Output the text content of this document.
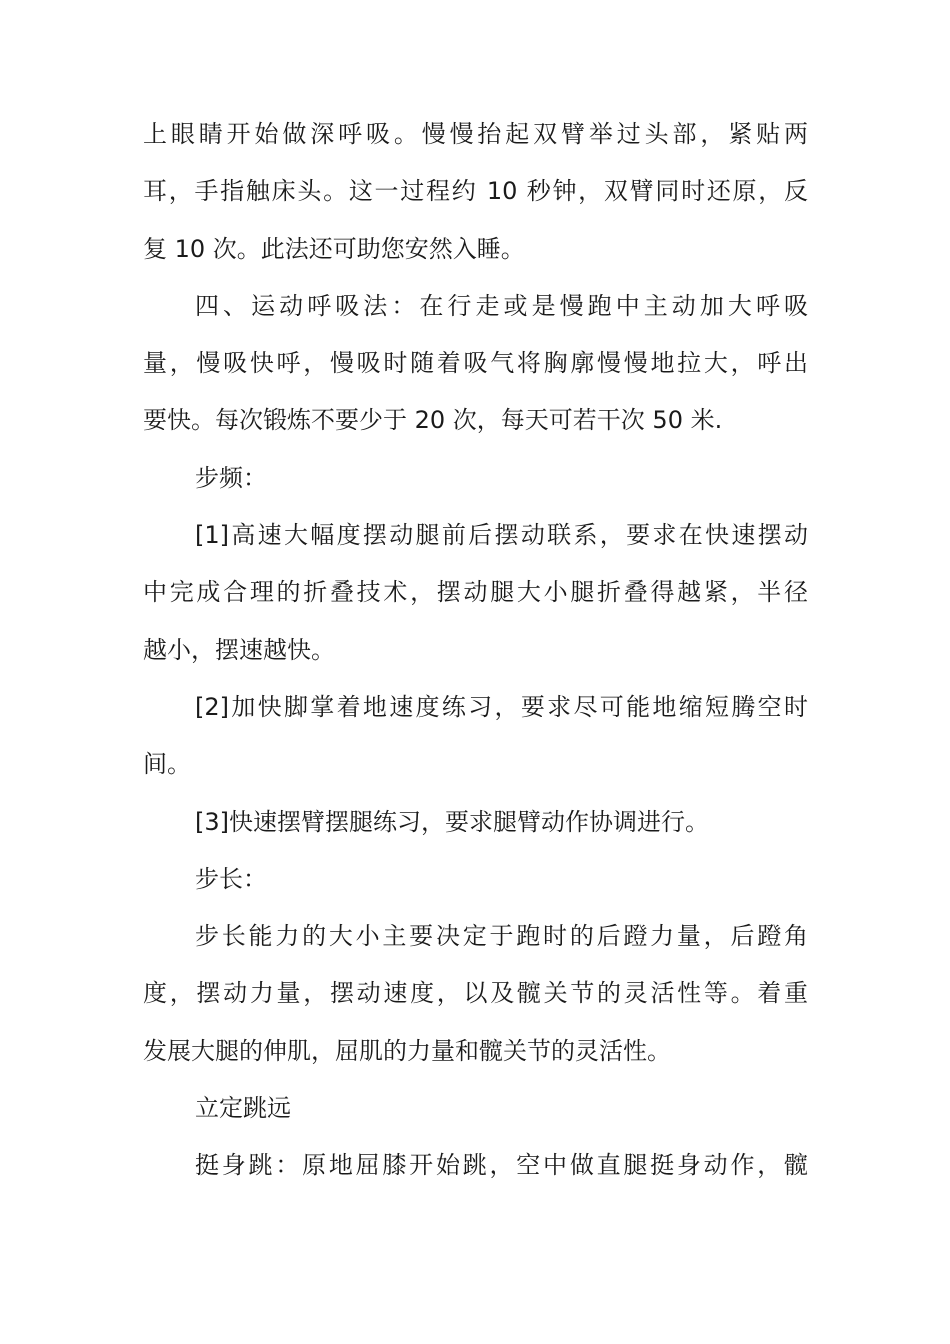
上眼睛开始做深呼吸。慢慢抬起双臂举过头部，紧贴两
耳，手指触床头。这一过程约 10 秒钟，双臂同时还原，反
复 10 次。此法还可助您安然入睡。
四、运动呼吸法：在行走或是慢跑中主动加大呼吸
量，慢吸快呼，慢吸时随着吸气将胸廓慢慢地拉大，呼出
要快。每次锻炼不要少于 20 次，每天可若干次 50 米.
步频：
[1]高速大幅度摆动腿前后摆动联系，要求在快速摆动
中完成合理的折叠技术，摆动腿大小腿折叠得越紧，半径
越小，摆速越快。
[2]加快脚掌着地速度练习，要求尽可能地缩短腾空时
间。
[3]快速摆臂摆腿练习，要求腿臂动作协调进行。
步长：
步长能力的大小主要决定于跑时的后蹬力量，后蹬角
度，摆动力量，摆动速度，以及髋关节的灵活性等。着重
发展大腿的伸肌，屈肌的力量和髋关节的灵活性。
立定跳远
挺身跳：原地屈膝开始跳，空中做直腿挺身动作，髋
